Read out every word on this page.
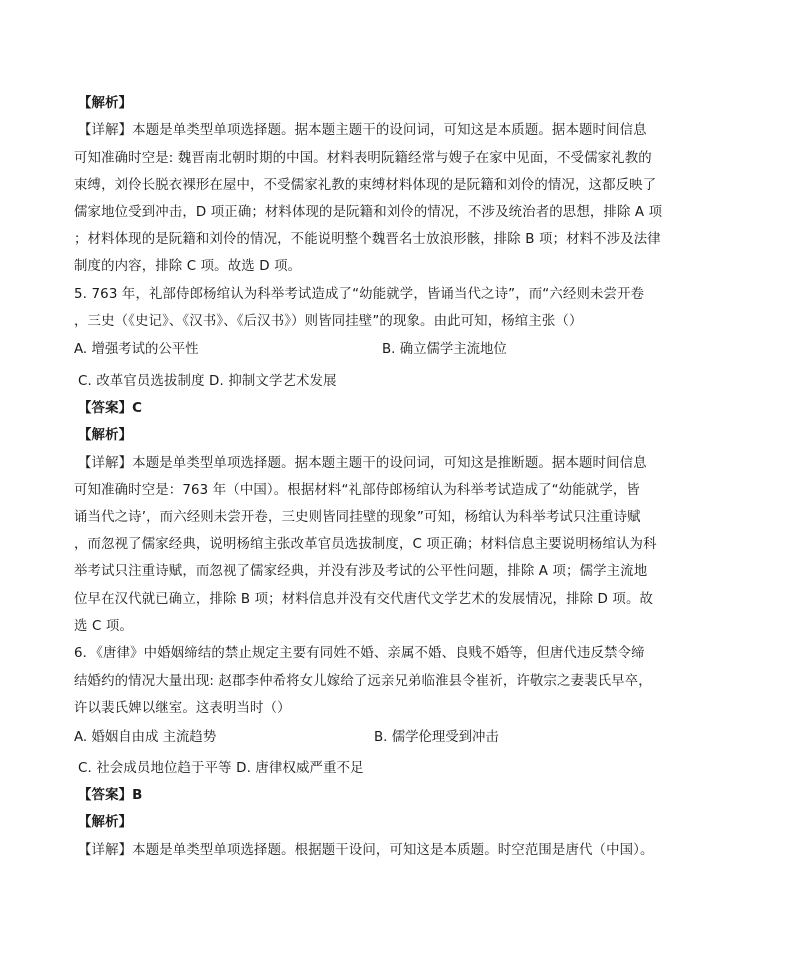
【解析】
【详解】本题是单类型单项选择题。据本题主题干的设问词，可知这是本质题。据本题时间信息
可知准确时空是: 魏晋南北朝时期的中国。材料表明阮籍经常与嫂子在家中见面，不受儒家礼教的
束缚，刘伶长脱衣裸形在屋中，不受儒家礼教的束缚材料体现的是阮籍和刘伶的情况，这都反映了
儒家地位受到冲击，D 项正确；材料体现的是阮籍和刘伶的情况，不涉及统治者的思想，排除 A 项
；材料体现的是阮籍和刘伶的情况，不能说明整个魏晋名士放浪形骸，排除 B 项；材料不涉及法律
制度的内容，排除 C 项。故选 D 项。
5. 763 年，礼部侍郎杨绾认为科举考试造成了“幼能就学，皆诵当代之诗”，而“六经则未尝开卷
，三史（《史记》、《汉书》、《后汉书》）则皆同挂壁”的现象。由此可知，杨绾主张（）
A. 增强考试的公平性	B. 确立儒学主流地位
C. 改革官员选拔制度 D. 抑制文学艺术发展
【答案】C
【解析】
【详解】本题是单类型单项选择题。据本题主题干的设问词，可知这是推断题。据本题时间信息
可知准确时空是：763 年（中国）。根据材料“礼部侍郎杨绾认为科举考试造成了“幼能就学，皆
诵当代之诗’，而六经则未尝开卷，三史则皆同挂壁的现象”可知，杨绾认为科举考试只注重诗赋
，而忽视了儒家经典，说明杨绾主张改革官员选拔制度，C 项正确；材料信息主要说明杨绾认为科
举考试只注重诗赋，而忽视了儒家经典，并没有涉及考试的公平性问题，排除 A 项；儒学主流地
位早在汉代就已确立，排除 B 项；材料信息并没有交代唐代文学艺术的发展情况，排除 D 项。故
选 C 项。
6．《唐律》中婚姻缔结的禁止规定主要有同姓不婚、亲属不婚、良贱不婚等，但唐代违反禁令缔
结婚约的情况大量出现: 赵郡李仲希将女儿嫁给了远亲兄弟临淮县令崔祈，许敬宗之妻裴氏早卒，
许以裴氏婢以继室。这表明当时（）
A. 婚姻自由成 主流趋势	B. 儒学伦理受到冲击
C. 社会成员地位趋于平等 D. 唐律权威严重不足
【答案】B
【解析】
【详解】本题是单类型单项选择题。根据题干设问，可知这是本质题。时空范围是唐代（中国）。
